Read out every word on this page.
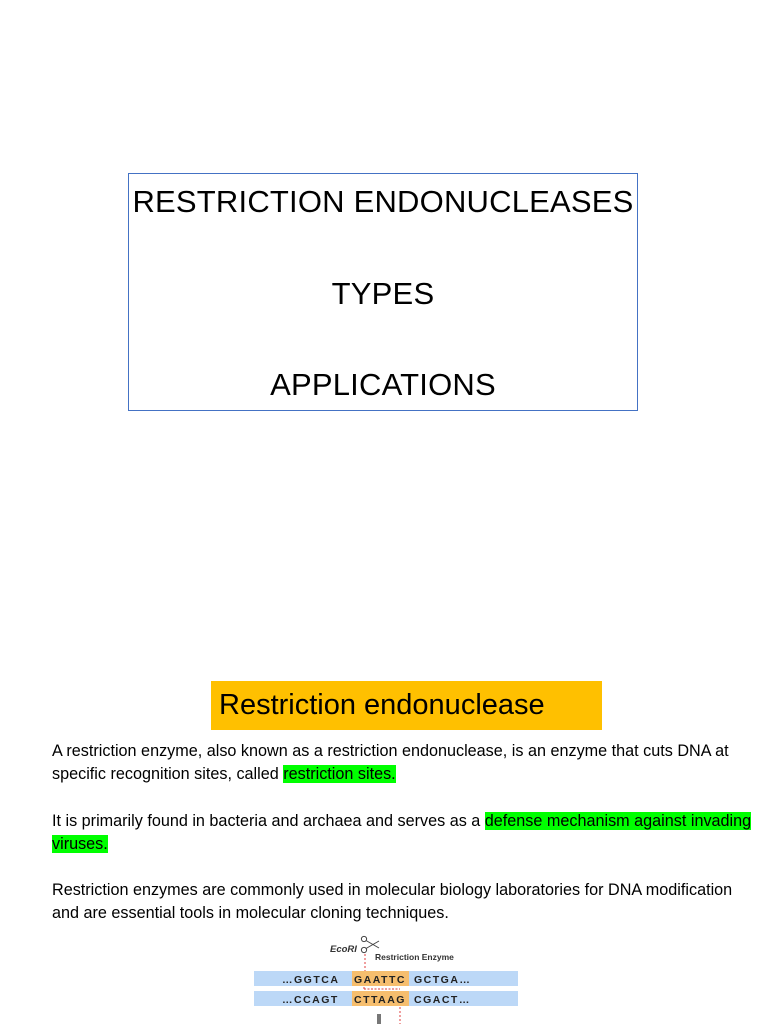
RESTRICTION ENDONUCLEASES
TYPES
APPLICATIONS
Restriction endonuclease
A restriction enzyme, also known as a restriction endonuclease, is an enzyme that cuts DNA at specific recognition sites, called restriction sites.
It is primarily found in bacteria and archaea and serves as a defense mechanism against invading viruses.
Restriction enzymes are commonly used in molecular biology laboratories for DNA modification and are essential tools in molecular cloning techniques.
EcoRI
Restriction Enzyme
…GGTCA GAATTC GCTGA…
…CCAGT CTTAAG CGACT…
